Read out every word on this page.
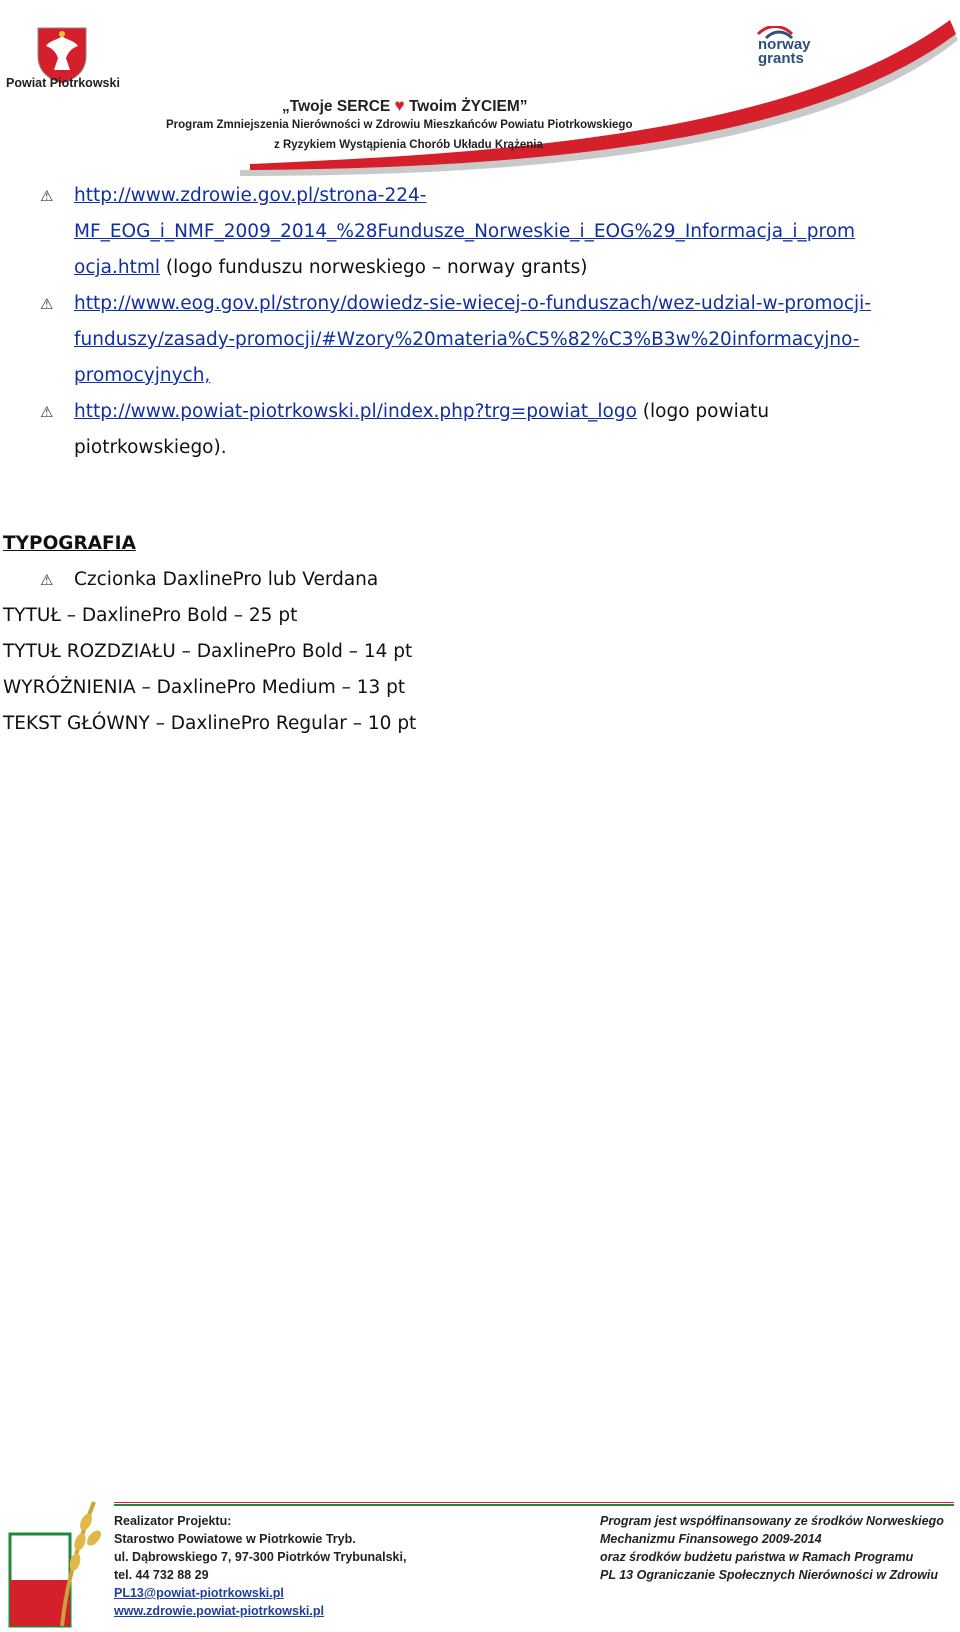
Powiat Piotrkowski
norway
grants
„Twoje SERCE ♥ Twoim ŻYCIEM”
Program Zmniejszenia Nierówności w Zdrowiu Mieszkańców Powiatu Piotrkowskiego
z Ryzykiem Wystąpienia Chorób Układu Krążenia
⚠ http://www.zdrowie.gov.pl/strona-224-
MF_EOG_i_NMF_2009_2014_%28Fundusze_Norweskie_i_EOG%29_Informacja_i_prom
ocja.html (logo funduszu norweskiego – norway grants)
⚠ http://www.eog.gov.pl/strony/dowiedz-sie-wiecej-o-funduszach/wez-udzial-w-promocji-
funduszy/zasady-promocji/#Wzory%20materia%C5%82%C3%B3w%20informacyjno-
promocyjnych,
⚠ http://www.powiat-piotrkowski.pl/index.php?trg=powiat_logo (logo powiatu
piotrkowskiego).
TYPOGRAFIA
⚠ Czcionka DaxlinePro lub Verdana
TYTUŁ – DaxlinePro Bold – 25 pt
TYTUŁ ROZDZIAŁU – DaxlinePro Bold – 14 pt
WYRÓŻNIENIA – DaxlinePro Medium – 13 pt
TEKST GŁÓWNY – DaxlinePro Regular – 10 pt
Realizator Projektu:
Starostwo Powiatowe w Piotrkowie Tryb.
ul. Dąbrowskiego 7, 97-300 Piotrków Trybunalski,
tel. 44 732 88 29
PL13@powiat-piotrkowski.pl
www.zdrowie.powiat-piotrkowski.pl
Program jest współfinansowany ze środków Norweskiego
Mechanizmu Finansowego 2009-2014
oraz środków budżetu państwa w Ramach Programu
PL 13 Ograniczanie Społecznych Nierówności w Zdrowiu
